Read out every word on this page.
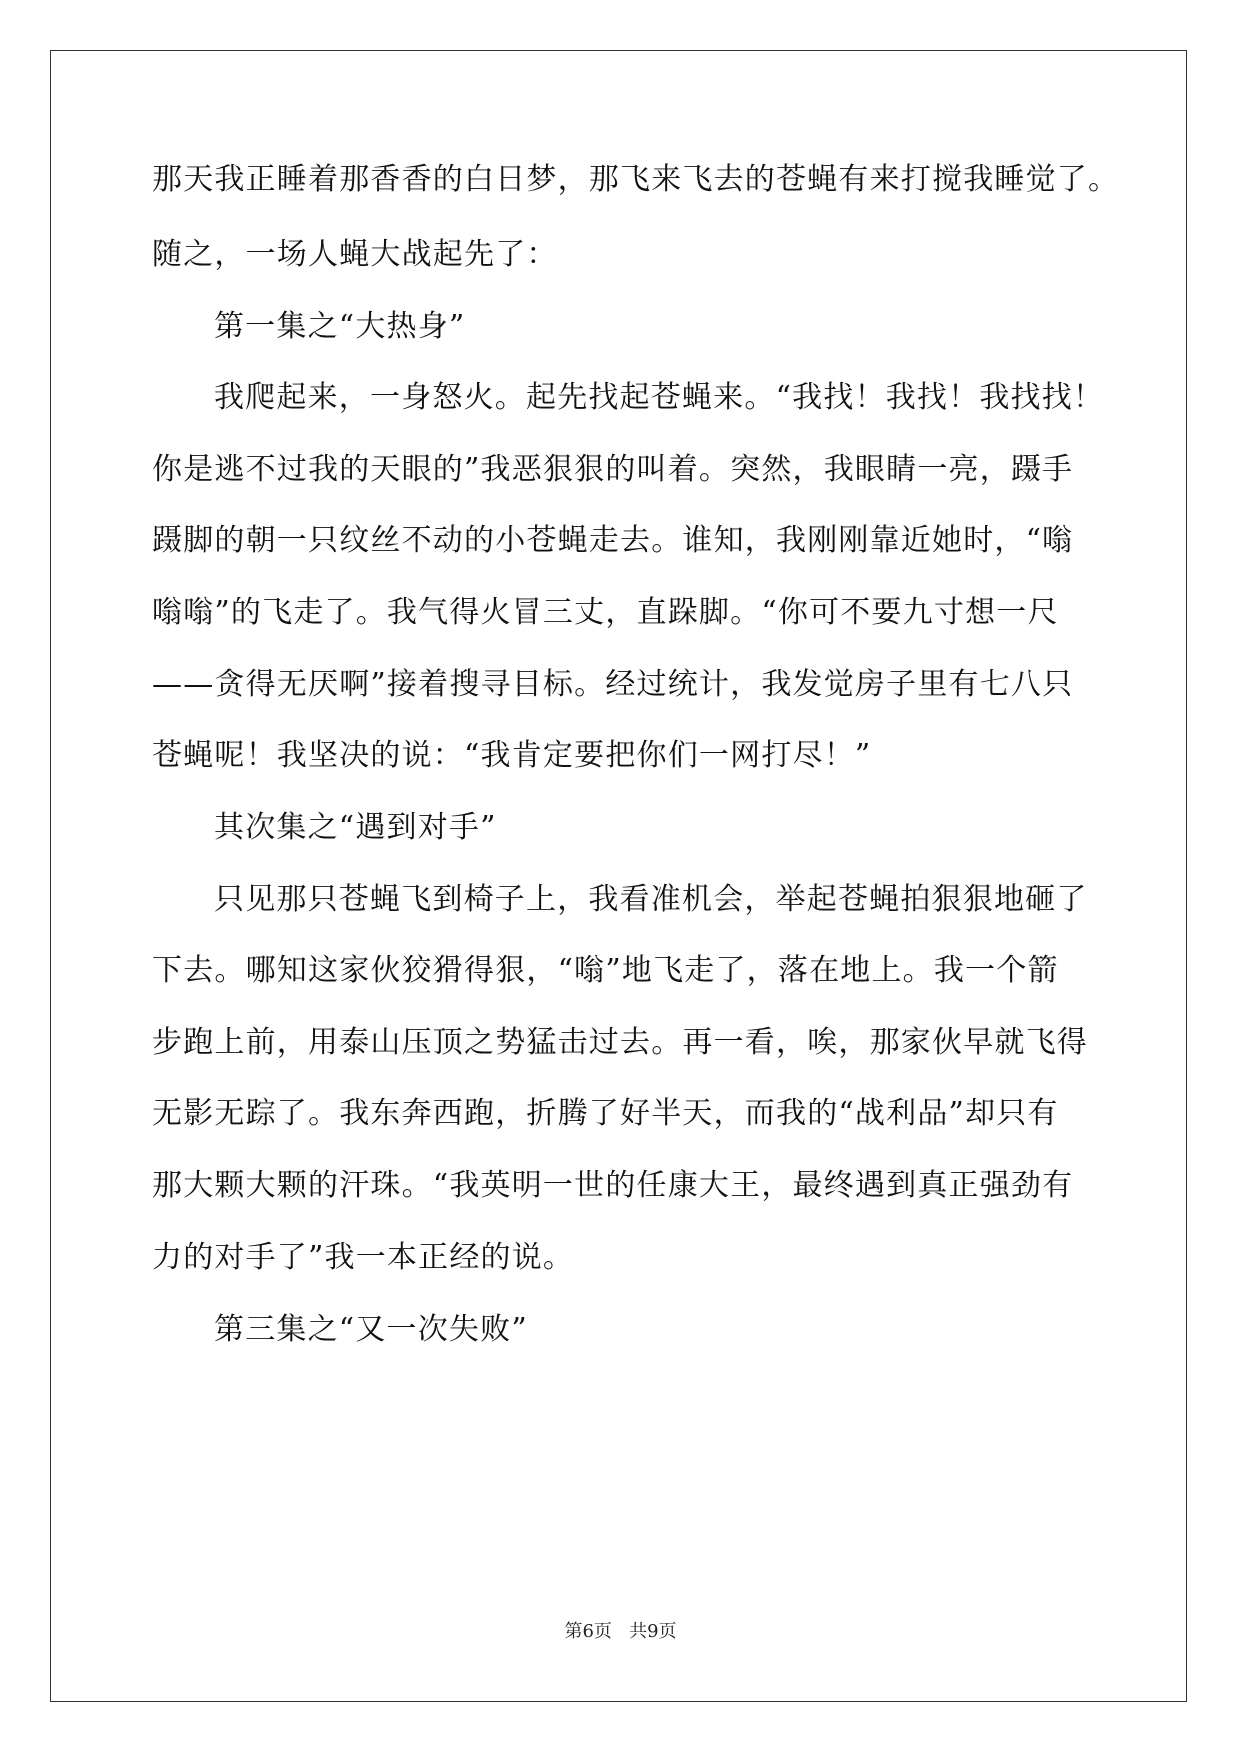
那天我正睡着那香香的白日梦，那飞来飞去的苍蝇有来打搅我睡觉了。
随之，一场人蝇大战起先了：
第一集之“大热身”
我爬起来，一身怒火。起先找起苍蝇来。“我找！我找！我找找！
你是逃不过我的天眼的”我恶狠狠的叫着。突然，我眼睛一亮，蹑手
蹑脚的朝一只纹丝不动的小苍蝇走去。谁知，我刚刚靠近她时，“嗡
嗡嗡”的飞走了。我气得火冒三丈，直跺脚。“你可不要九寸想一尺
——贪得无厌啊”接着搜寻目标。经过统计，我发觉房子里有七八只
苍蝇呢！我坚决的说：“我肯定要把你们一网打尽！”
其次集之“遇到对手”
只见那只苍蝇飞到椅子上，我看准机会，举起苍蝇拍狠狠地砸了
下去。哪知这家伙狡猾得狠，“嗡”地飞走了，落在地上。我一个箭
步跑上前，用泰山压顶之势猛击过去。再一看，唉，那家伙早就飞得
无影无踪了。我东奔西跑，折腾了好半天，而我的“战利品”却只有
那大颗大颗的汗珠。“我英明一世的任康大王，最终遇到真正强劲有
力的对手了”我一本正经的说。
第三集之“又一次失败”
第6页   共9页
